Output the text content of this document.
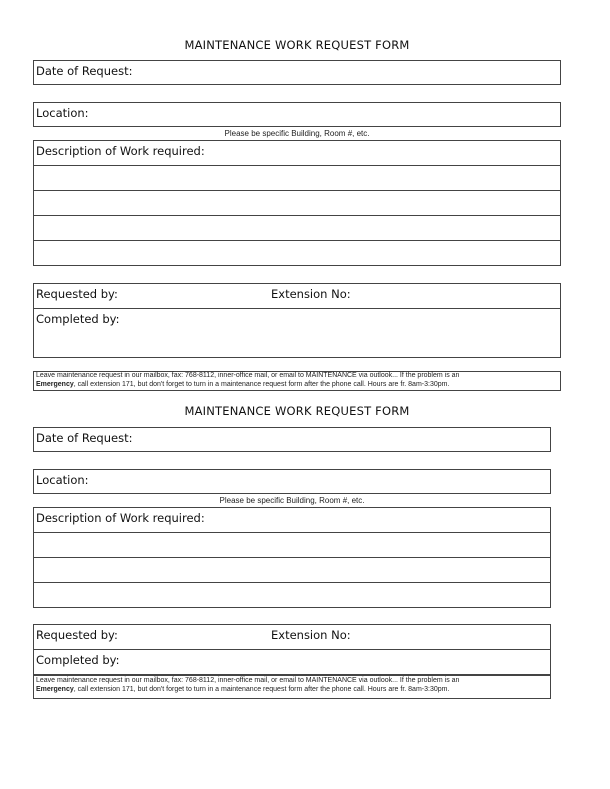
MAINTENANCE WORK REQUEST FORM
Date of Request:
Location:
Please be specific Building, Room #, etc.
Description of Work required:
Requested by:	Extension No:
Completed by:
Leave maintenance request in our mailbox, fax: 768-8112, inner-office mail, or email to MAINTENANCE via outlook... If the problem is an
Emergency, call extension 171, but don't forget to turn in a maintenance request form after the phone call. Hours are fr. 8am-3:30pm.
MAINTENANCE WORK REQUEST FORM
Date of Request:
Location:
Please be specific Building, Room #, etc.
Description of Work required:
Requested by:	Extension No:
Completed by:
Leave maintenance request in our mailbox, fax: 768-8112, inner-office mail, or email to MAINTENANCE via outlook... If the problem is an
Emergency, call extension 171, but don't forget to turn in a maintenance request form after the phone call. Hours are fr. 8am-3:30pm.
